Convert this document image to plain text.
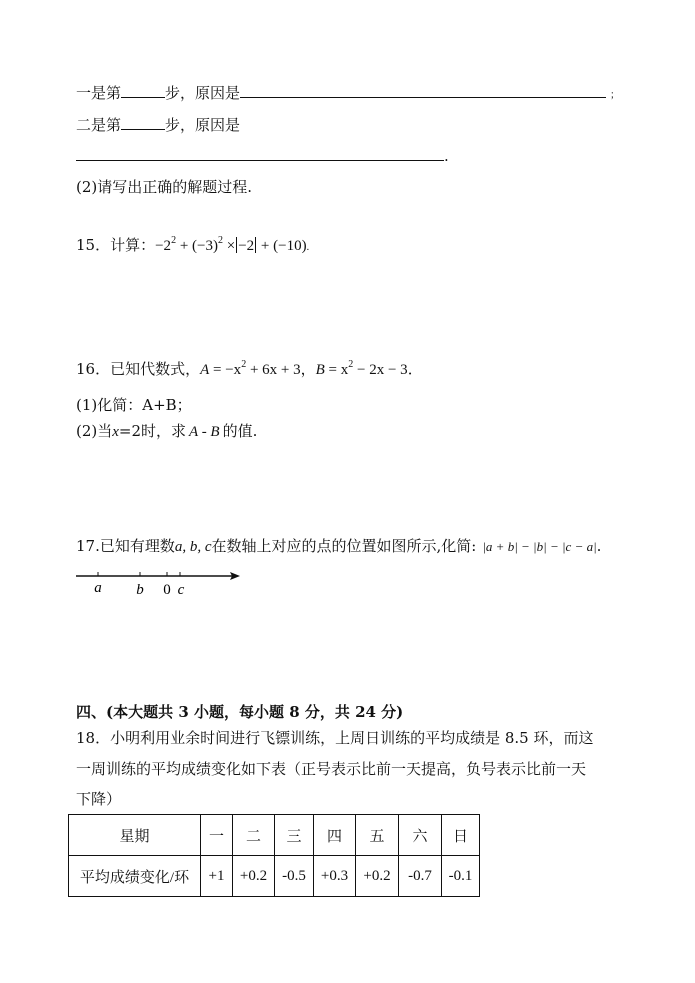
一是第	步，原因是	；
二是第	步，原因是
.
(2)请写出正确的解题过程.
15．计算：$-2^2 + (-3)^2 \times -2 + (-10)$.
16．已知代数式，$A = -x^2 + 6x + 3$，$B = x^2 - 2x - 3$．
(1)化简：A+B；
(2)当x=2时，求 A - B 的值.
17.已知有理数a, b, c在数轴上对应的点的位置如图所示,化简: |a + b| − |b| − |c − a|.
a b 0 c
四、(本大题共 3 小题，每小题 8 分，共 24 分)
18．小明利用业余时间进行飞镖训练，上周日训练的平均成绩是 8.5 环，而这
一周训练的平均成绩变化如下表（正号表示比前一天提高，负号表示比前一天
下降）
星期	一	二	三	四	五	六	日
平均成绩变化/环	+1	+0.2	-0.5	+0.3	+0.2	-0.7	-0.1
